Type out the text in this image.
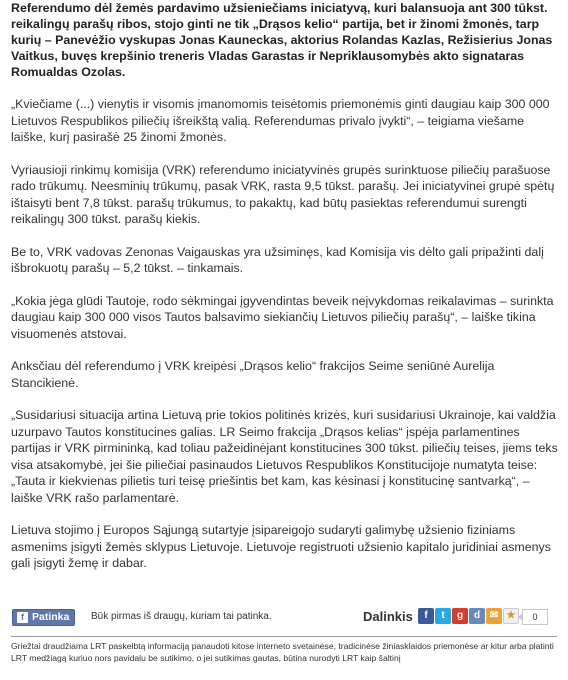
Referendumo dėl žemės pardavimo užsieniečiams iniciatyvą, kuri balansuoja ant 300 tūkst. reikalingų parašų ribos, stojo ginti ne tik „Drąsos kelio“ partija, bet ir žinomi žmonės, tarp kurių – Panevėžio vyskupas Jonas Kauneckas, aktorius Rolandas Kazlas, Režisierius Jonas Vaitkus, buvęs krepšinio treneris Vladas Garastas ir Nepriklausomybės akto signataras Romualdas Ozolas.

„Kviečiame (...) vienytis ir visomis įmanomomis teisėtomis priemonėmis ginti daugiau kaip 300 000 Lietuvos Respublikos piliečių išreikštą valią. Referendumas privalo įvykti“, – teigiama viešame laiške, kurį pasirašė 25 žinomi žmonės.

Vyriausioji rinkimų komisija (VRK) referendumo iniciatyvinės grupės surinktuose piliečių parašuose rado trūkumų. Neesminių trūkumų, pasak VRK, rasta 9,5 tūkst. parašų. Jei iniciatyvinei grupė spėtų ištaisyti bent 7,8 tūkst. parašų trūkumus, to pakaktų, kad būtų pasiektas referendumui surengti reikalingų 300 tūkst. parašų kiekis.

Be to, VRK vadovas Zenonas Vaigauskas yra užsiminęs, kad Komisija vis dėlto gali pripažinti dalį išbrokuotų parašų – 5,2 tūkst. – tinkamais.

„Kokia jėga glūdi Tautoje, rodo sėkmingai įgyvendintas beveik neįvykdomas reikalavimas – surinkta daugiau kaip 300 000 visos Tautos balsavimo siekiančių Lietuvos piliečių parašų“, – laiške tikina visuomenės atstovai.

Anksčiau dėl referendumo į VRK kreipėsi „Drąsos kelio“ frakcijos Seime seniūnė Aurelija Stancikienė.

„Susidariusi situacija artina Lietuvą prie tokios politinės krizės, kuri susidariusi Ukrainoje, kai valdžia uzurpavo Tautos konstitucines galias. LR Seimo frakcija „Drąsos kelias“ įspėja parlamentines partijas ir VRK pirmininką, kad toliau pažeidinėjant konstitucines 300 tūkst. piliečių teises, jiems teks visa atsakomybė, jei šie piliečiai pasinaudos Lietuvos Respublikos Konstitucijoje numatyta teise: „Tauta ir kiekvienas pilietis turi teisę priešintis bet kam, kas kėsinasi į konstitucinę santvarką“, – laiške VRK rašo parlamentarė.

Lietuva stojimo į Europos Sąjungą sutartyje įsipareigojo sudaryti galimybę užsienio fiziniams asmenims įsigyti žemės sklypus Lietuvoje. Lietuvoje registruoti užsienio kapitalo juridiniai asmenys gali įsigyti žemę ir dabar.

f Patinka Būk pirmas iš draugų, kuriam tai patinka.	Dalinkis	f	t	g	d ✉ ★	0
Griežtai draudžiama LRT paskelbtą informaciją panaudoti kitose interneto svetainėse, tradicinėse žiniasklaidos priemonėse ar kitur arba platinti LRT medžiagą kuriuo nors pavidalu be sutikimo, o jei sutikimas gautas, būtina nurodyti LRT kaip šaltinį
